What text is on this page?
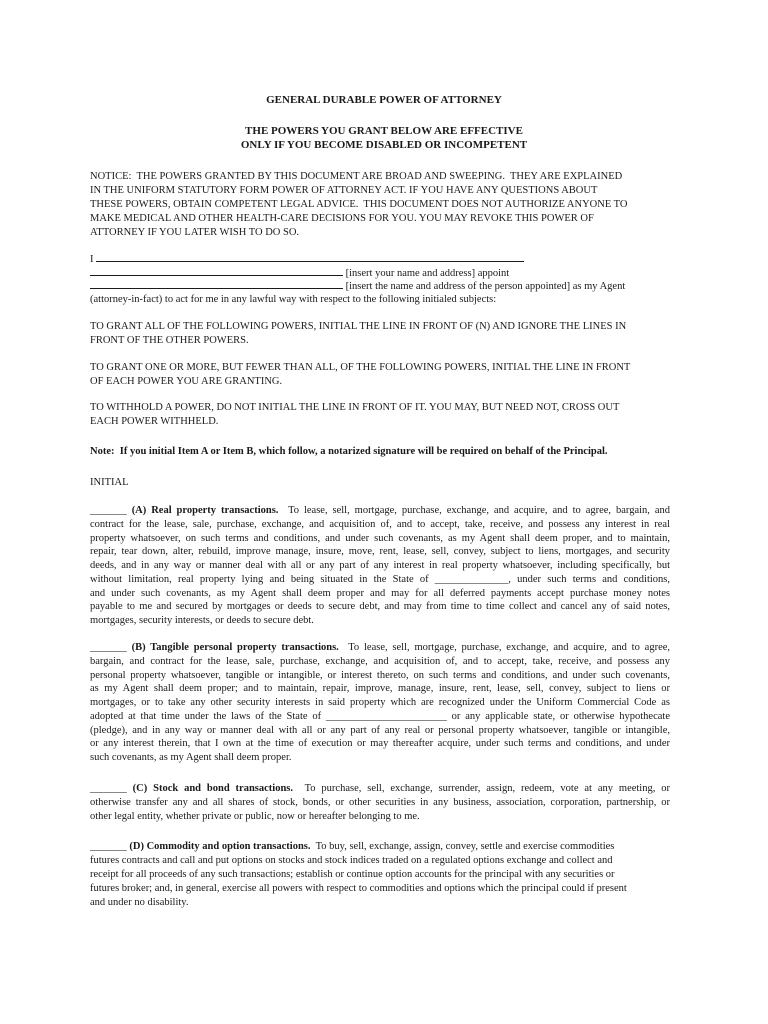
GENERAL DURABLE POWER OF ATTORNEY
THE POWERS YOU GRANT BELOW ARE EFFECTIVE
ONLY IF YOU BECOME DISABLED OR INCOMPETENT
NOTICE:  THE POWERS GRANTED BY THIS DOCUMENT ARE BROAD AND SWEEPING.  THEY ARE EXPLAINED
IN THE UNIFORM STATUTORY FORM POWER OF ATTORNEY ACT. IF YOU HAVE ANY QUESTIONS ABOUT
THESE POWERS, OBTAIN COMPETENT LEGAL ADVICE.  THIS DOCUMENT DOES NOT AUTHORIZE ANYONE TO
MAKE MEDICAL AND OTHER HEALTH-CARE DECISIONS FOR YOU. YOU MAY REVOKE THIS POWER OF
ATTORNEY IF YOU LATER WISH TO DO SO.
I
[insert your name and address] appoint
[insert the name and address of the person appointed] as my Agent
(attorney-in-fact) to act for me in any lawful way with respect to the following initialed subjects:
TO GRANT ALL OF THE FOLLOWING POWERS, INITIAL THE LINE IN FRONT OF (N) AND IGNORE THE LINES IN
FRONT OF THE OTHER POWERS.
TO GRANT ONE OR MORE, BUT FEWER THAN ALL, OF THE FOLLOWING POWERS, INITIAL THE LINE IN FRONT
OF EACH POWER YOU ARE GRANTING.
TO WITHHOLD A POWER, DO NOT INITIAL THE LINE IN FRONT OF IT. YOU MAY, BUT NEED NOT, CROSS OUT
EACH POWER WITHHELD.
Note:  If you initial Item A or Item B, which follow, a notarized signature will be required on behalf of the Principal.
INITIAL
_______ (A) Real property transactions. To lease, sell, mortgage, purchase, exchange, and acquire, and to agree, bargain, and
contract for the lease, sale, purchase, exchange, and acquisition of, and to accept, take, receive, and possess any interest in real
property whatsoever, on such terms and conditions, and under such covenants, as my Agent shall deem proper, and to maintain,
repair, tear down, alter, rebuild, improve manage, insure, move, rent, lease, sell, convey, subject to liens, mortgages, and security
deeds, and in any way or manner deal with all or any part of any interest in real property whatsoever, including specifically, but
without limitation, real property lying and being situated in the State of ______________, under such terms and conditions,
and under such covenants, as my Agent shall deem proper and may for all deferred payments accept purchase money notes
payable to me and secured by mortgages or deeds to secure debt, and may from time to time collect and cancel any of said notes,
mortgages, security interests, or deeds to secure debt.
_______ (B) Tangible personal property transactions. To lease, sell, mortgage, purchase, exchange, and acquire, and to agree,
bargain, and contract for the lease, sale, purchase, exchange, and acquisition of, and to accept, take, receive, and possess any
personal property whatsoever, tangible or intangible, or interest thereto, on such terms and conditions, and under such covenants,
as my Agent shall deem proper; and to maintain, repair, improve, manage, insure, rent, lease, sell, convey, subject to liens or
mortgages, or to take any other security interests in said property which are recognized under the Uniform Commercial Code as
adopted at that time under the laws of the State of _______________________ or any applicable state, or otherwise hypothecate
(pledge), and in any way or manner deal with all or any part of any real or personal property whatsoever, tangible or intangible,
or any interest therein, that I own at the time of execution or may thereafter acquire, under such terms and conditions, and under
such covenants, as my Agent shall deem proper.
_______ (C) Stock and bond transactions. To purchase, sell, exchange, surrender, assign, redeem, vote at any meeting, or
otherwise transfer any and all shares of stock, bonds, or other securities in any business, association, corporation, partnership, or
other legal entity, whether private or public, now or hereafter belonging to me.
_______ (D) Commodity and option transactions. To buy, sell, exchange, assign, convey, settle and exercise commodities
futures contracts and call and put options on stocks and stock indices traded on a regulated options exchange and collect and
receipt for all proceeds of any such transactions; establish or continue option accounts for the principal with any securities or
futures broker; and, in general, exercise all powers with respect to commodities and options which the principal could if present
and under no disability.
